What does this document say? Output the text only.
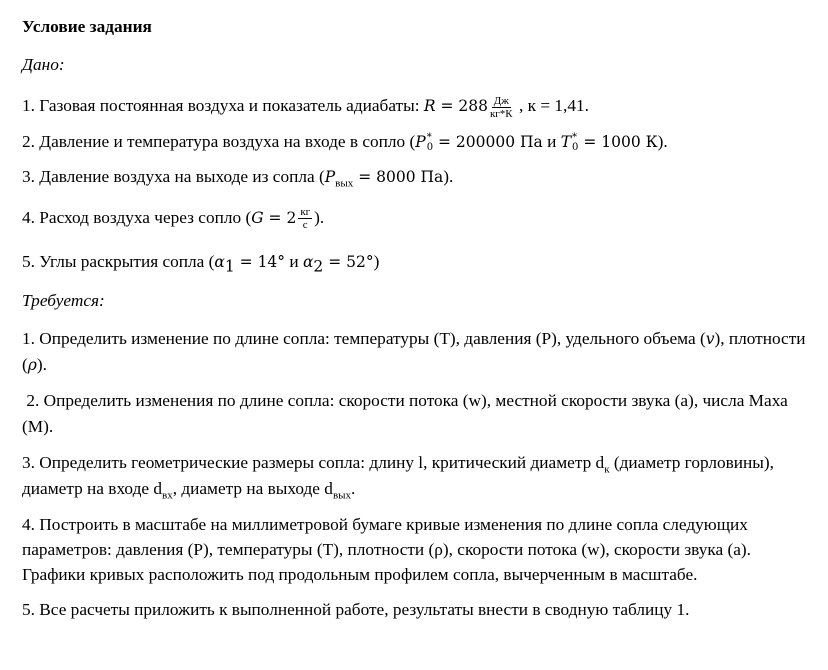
Условие задания
Дано:
1. Газовая постоянная воздуха и показатель адиабаты: $R = 288 \frac{Дж}{кг*К}$ , к = 1,41.
2. Давление и температура воздуха на входе в сопло (P *
0 = 200000 Па и T *
0 = 1000 К).
3. Давление воздуха на выходе из сопла ($P_{вых} = 8000$ Па).
4. Расход воздуха через сопло ($G = 2 \frac{кг}{с}$ ).
5. Углы раскрытия сопла ($\alpha_1 = 14^\circ$ и $\alpha_2 = 52^\circ$)
Требуется:
1. Определить изменение по длине сопла: температуры (Т), давления (Р), удельного объема (v), плотности (ρ).
2. Определить изменения по длине сопла: скорости потока (w), местной скорости звука (а), числа Маха (М).
3. Определить геометрические размеры сопла: длину l, критический диаметр $d_к$ (диаметр горловины), диаметр на входе $d_{вх}$, диаметр на выходе $d_{вых}$.
4. Построить в масштабе на миллиметровой бумаге кривые изменения по длине сопла следующих параметров: давления (Р), температуры (Т), плотности (ρ), скорости потока (w), скорости звука (а). Графики кривых расположить под продольным профилем сопла, вычерченным в масштабе.
5. Все расчеты приложить к выполненной работе, результаты внести в сводную таблицу 1.
